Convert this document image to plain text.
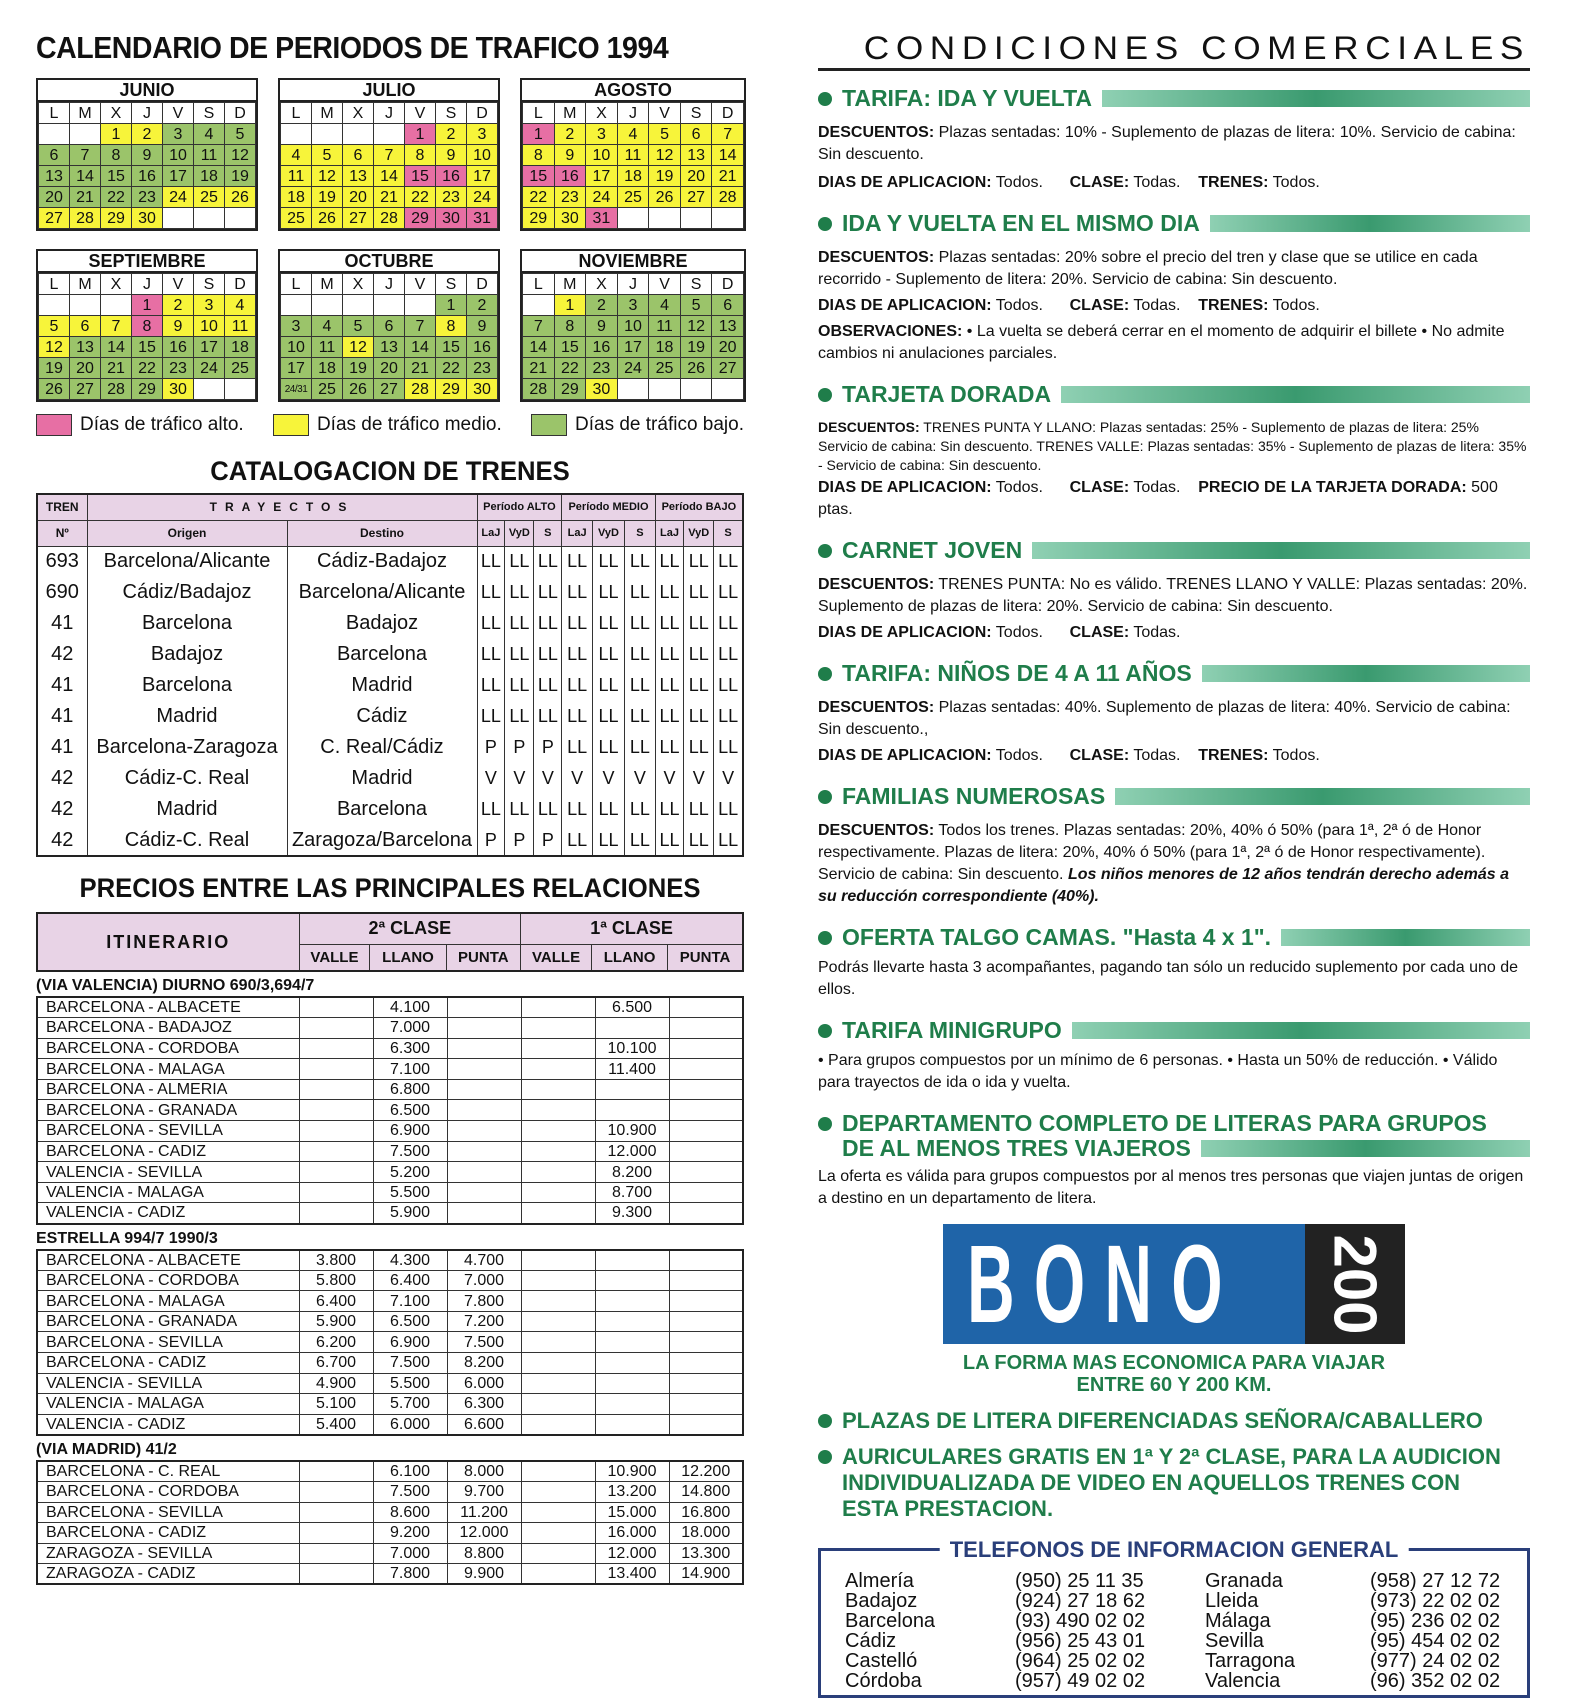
CALENDARIO DE PERIODOS DE TRAFICO 1994
JUNIO
L	M	X	J	V	S	D
		1	2	3	4	5
6	7	8	9	10	11	12
13	14	15	16	17	18	19
20	21	22	23	24	25	26
27	28	29	30			
JULIO
L	M	X	J	V	S	D
				1	2	3
4	5	6	7	8	9	10
11	12	13	14	15	16	17
18	19	20	21	22	23	24
25	26	27	28	29	30	31
AGOSTO
L	M	X	J	V	S	D
1	2	3	4	5	6	7
8	9	10	11	12	13	14
15	16	17	18	19	20	21
22	23	24	25	26	27	28
29	30	31				
SEPTIEMBRE
L	M	X	J	V	S	D
			1	2	3	4
5	6	7	8	9	10	11
12	13	14	15	16	17	18
19	20	21	22	23	24	25
26	27	28	29	30		
OCTUBRE
L	M	X	J	V	S	D
					1	2
3	4	5	6	7	8	9
10	11	12	13	14	15	16
17	18	19	20	21	22	23
24/31	25	26	27	28	29	30
NOVIEMBRE
L	M	X	J	V	S	D
	1	2	3	4	5	6
7	8	9	10	11	12	13
14	15	16	17	18	19	20
21	22	23	24	25	26	27
28	29	30				
Días de tráfico alto.	Días de tráfico medio.	Días de tráfico bajo.
CATALOGACION DE TRENES
TREN	TRAYECTOS		Período ALTO			Período MEDIO			Período BAJO		
Nº	Origen	Destino	LaJ	VyD	S	LaJ	VyD	S	LaJ	VyD	S
693	Barcelona/Alicante	Cádiz-Badajoz	LL	LL	LL	LL	LL	LL	LL	LL	LL
690	Cádiz/Badajoz	Barcelona/Alicante	LL	LL	LL	LL	LL	LL	LL	LL	LL
41	Barcelona	Badajoz	LL	LL	LL	LL	LL	LL	LL	LL	LL
42	Badajoz	Barcelona	LL	LL	LL	LL	LL	LL	LL	LL	LL
41	Barcelona	Madrid	LL	LL	LL	LL	LL	LL	LL	LL	LL
41	Madrid	Cádiz	LL	LL	LL	LL	LL	LL	LL	LL	LL
41	Barcelona-Zaragoza	C. Real/Cádiz	P	P	P	LL	LL	LL	LL	LL	LL
42	Cádiz-C. Real	Madrid	V	V	V	V	V	V	V	V	V
42	Madrid	Barcelona	LL	LL	LL	LL	LL	LL	LL	LL	LL
42	Cádiz-C. Real	Zaragoza/Barcelona	P	P	P	LL	LL	LL	LL	LL	LL
PRECIOS ENTRE LAS PRINCIPALES RELACIONES
ITINERARIO	2ª CLASE			1ª CLASE		
	VALLE	LLANO	PUNTA	VALLE	LLANO	PUNTA
(VIA VALENCIA) DIURNO 690/3,694/7
BARCELONA - ALBACETE		4.100			6.500	
BARCELONA - BADAJOZ		7.000				
BARCELONA - CORDOBA		6.300			10.100	
BARCELONA - MALAGA		7.100			11.400	
BARCELONA - ALMERIA		6.800				
BARCELONA - GRANADA		6.500				
BARCELONA - SEVILLA		6.900			10.900	
BARCELONA - CADIZ		7.500			12.000	
VALENCIA - SEVILLA		5.200			8.200	
VALENCIA - MALAGA		5.500			8.700	
VALENCIA - CADIZ		5.900			9.300	
ESTRELLA 994/7 1990/3
BARCELONA - ALBACETE	3.800	4.300	4.700			
BARCELONA - CORDOBA	5.800	6.400	7.000			
BARCELONA - MALAGA	6.400	7.100	7.800			
BARCELONA - GRANADA	5.900	6.500	7.200			
BARCELONA - SEVILLA	6.200	6.900	7.500			
BARCELONA - CADIZ	6.700	7.500	8.200			
VALENCIA - SEVILLA	4.900	5.500	6.000			
VALENCIA - MALAGA	5.100	5.700	6.300			
VALENCIA - CADIZ	5.400	6.000	6.600			
(VIA MADRID) 41/2
BARCELONA - C. REAL		6.100	8.000		10.900	12.200
BARCELONA - CORDOBA		7.500	9.700		13.200	14.800
BARCELONA - SEVILLA		8.600	11.200		15.000	16.800
BARCELONA - CADIZ		9.200	12.000		16.000	18.000
ZARAGOZA - SEVILLA		7.000	8.800		12.000	13.300
ZARAGOZA - CADIZ		7.800	9.900		13.400	14.900
CONDICIONES COMERCIALES
TARIFA: IDA Y VUELTA
DESCUENTOS: Plazas sentadas: 10% - Suplemento de plazas de litera: 10%. Servicio de cabina: Sin descuento.
DIAS DE APLICACION: Todos. CLASE: Todas. TRENES: Todos.
IDA Y VUELTA EN EL MISMO DIA
DESCUENTOS: Plazas sentadas: 20% sobre el precio del tren y clase que se utilice en cada recorrido - Suplemento de litera: 20%. Servicio de cabina: Sin descuento.
DIAS DE APLICACION: Todos. CLASE: Todas. TRENES: Todos.
OBSERVACIONES: • La vuelta se deberá cerrar en el momento de adquirir el billete • No admite cambios ni anulaciones parciales.
TARJETA DORADA
DESCUENTOS: TRENES PUNTA Y LLANO: Plazas sentadas: 25% - Suplemento de plazas de litera: 25% Servicio de cabina: Sin descuento. TRENES VALLE: Plazas sentadas: 35% - Suplemento de plazas de litera: 35% - Servicio de cabina: Sin descuento.
DIAS DE APLICACION: Todos. CLASE: Todas. PRECIO DE LA TARJETA DORADA: 500 ptas.
CARNET JOVEN
DESCUENTOS: TRENES PUNTA: No es válido. TRENES LLANO Y VALLE: Plazas sentadas: 20%. Suplemento de plazas de litera: 20%. Servicio de cabina: Sin descuento.
DIAS DE APLICACION: Todos. CLASE: Todas.
TARIFA: NIÑOS DE 4 A 11 AÑOS
DESCUENTOS: Plazas sentadas: 40%. Suplemento de plazas de litera: 40%. Servicio de cabina: Sin descuento.,
DIAS DE APLICACION: Todos. CLASE: Todas. TRENES: Todos.
FAMILIAS NUMEROSAS
DESCUENTOS: Todos los trenes. Plazas sentadas: 20%, 40% ó 50% (para 1ª, 2ª ó de Honor respectivamente. Plazas de litera: 20%, 40% ó 50% (para 1ª, 2ª ó de Honor respectivamente). Servicio de cabina: Sin descuento. Los niños menores de 12 años tendrán derecho además a su reducción correspondiente (40%).
OFERTA TALGO CAMAS. "Hasta 4 x 1".
Podrás llevarte hasta 3 acompañantes, pagando tan sólo un reducido suplemento por cada uno de ellos.
TARIFA MINIGRUPO
• Para grupos compuestos por un mínimo de 6 personas. • Hasta un 50% de reducción. • Válido para trayectos de ida o ida y vuelta.
DEPARTAMENTO COMPLETO DE LITERAS PARA GRUPOS
DE AL MENOS TRES VIAJEROS
La oferta es válida para grupos compuestos por al menos tres personas que viajen juntas de origen a destino en un departamento de litera.
BONO 200
LA FORMA MAS ECONOMICA PARA VIAJAR
ENTRE 60 Y 200 KM.
PLAZAS DE LITERA DIFERENCIADAS SEÑORA/CABALLERO
AURICULARES GRATIS EN 1ª Y 2ª CLASE, PARA LA AUDICION
INDIVIDUALIZADA DE VIDEO EN AQUELLOS TRENES CON
ESTA PRESTACION.
TELEFONOS DE INFORMACION GENERAL
Almería	(950) 25 11 35	Granada	(958) 27 12 72
Badajoz	(924) 27 18 62	Lleida	(973) 22 02 02
Barcelona	(93) 490 02 02	Málaga	(95) 236 02 02
Cádiz	(956) 25 43 01	Sevilla	(95) 454 02 02
Castelló	(964) 25 02 02	Tarragona	(977) 24 02 02
Córdoba	(957) 49 02 02	Valencia	(96) 352 02 02
